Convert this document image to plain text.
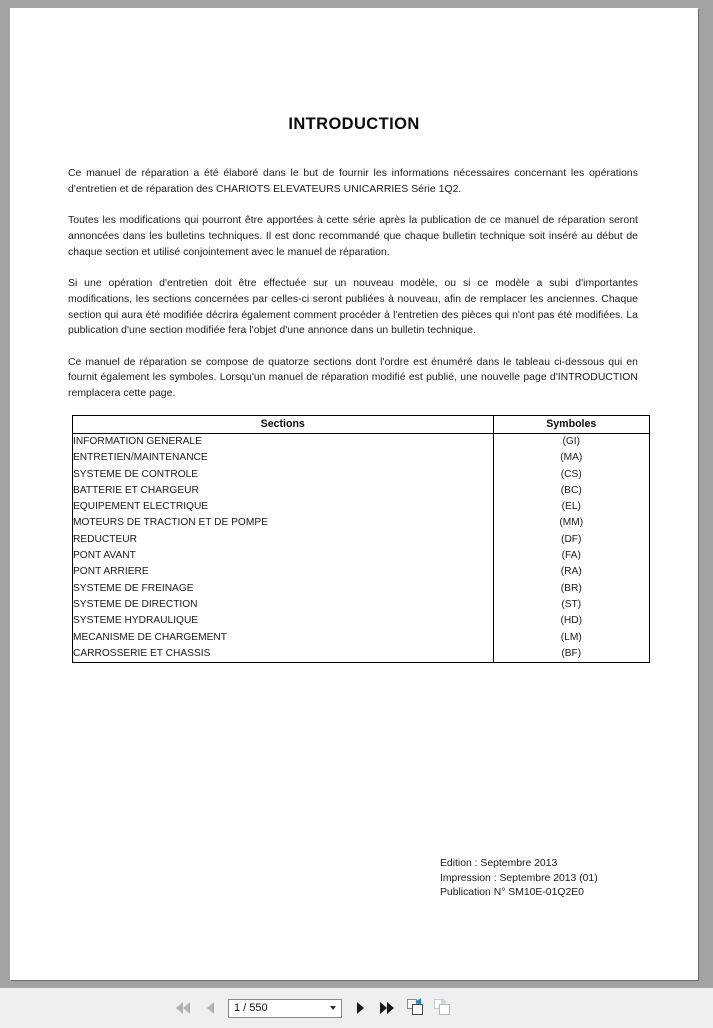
INTRODUCTION

Ce manuel de réparation a été élaboré dans le but de fournir les informations nécessaires concernant les opérations d'entretien et de réparation des CHARIOTS ELEVATEURS UNICARRIES Série 1Q2.

Toutes les modifications qui pourront être apportées à cette série après la publication de ce manuel de réparation seront annoncées dans les bulletins techniques. Il est donc recommandé que chaque bulletin technique soit inséré au début de chaque section et utilisé conjointement avec le manuel de réparation.

Si une opération d'entretien doit être effectuée sur un nouveau modèle, ou si ce modèle a subi d'importantes modifications, les sections concernées par celles-ci seront publiées à nouveau, afin de remplacer les anciennes. Chaque section qui aura été modifiée décrira également comment procéder à l'entretien des pièces qui n'ont pas été modifiées. La publication d'une section modifiée fera l'objet d'une annonce dans un bulletin technique.

Ce manuel de réparation se compose de quatorze sections dont l'ordre est énuméré dans le tableau ci-dessous qui en fournit également les symboles. Lorsqu'un manuel de réparation modifié est publié, une nouvelle page d'INTRODUCTION remplacera cette page.

Sections	Symboles
INFORMATION GENERALE	(GI)
ENTRETIEN/MAINTENANCE	(MA)
SYSTEME DE CONTROLE	(CS)
BATTERIE ET CHARGEUR	(BC)
EQUIPEMENT ELECTRIQUE	(EL)
MOTEURS DE TRACTION ET DE POMPE	(MM)
REDUCTEUR	(DF)
PONT AVANT	(FA)
PONT ARRIERE	(RA)
SYSTEME DE FREINAGE	(BR)
SYSTEME DE DIRECTION	(ST)
SYSTEME HYDRAULIQUE	(HD)
MECANISME DE CHARGEMENT	(LM)
CARROSSERIE ET CHASSIS	(BF)
Edition : Septembre 2013
Impression : Septembre 2013 (01)
Publication N° SM10E-01Q2E0
1 / 550
